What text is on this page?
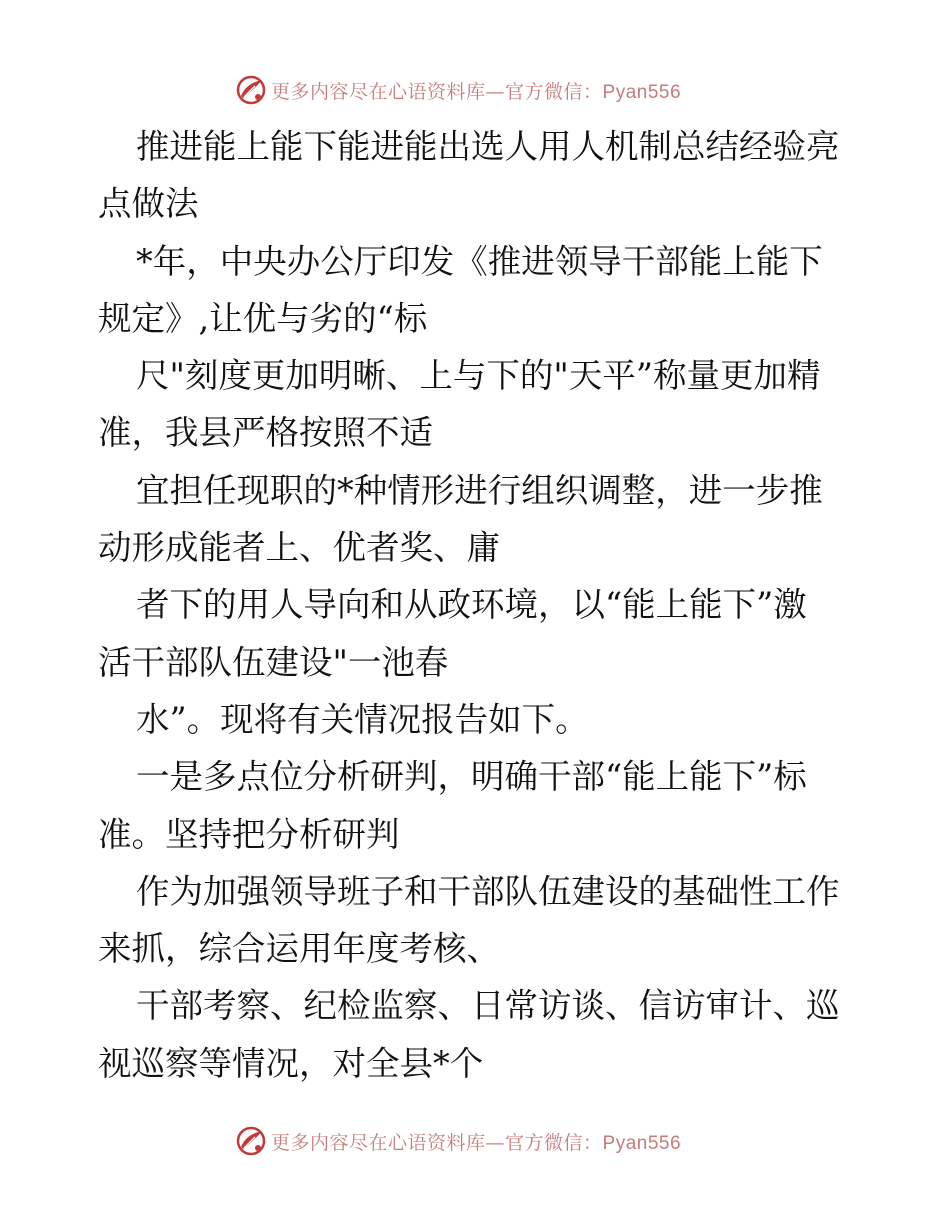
更多内容尽在心语资料库—官方微信：Pyan556
推进能上能下能进能出选人用人机制总结经验亮
点做法
*年，中央办公厅印发《推进领导干部能上能下
规定》,让优与劣的“标
尺"刻度更加明晰、上与下的"天平”称量更加精
准，我县严格按照不适
宜担任现职的*种情形进行组织调整，进一步推
动形成能者上、优者奖、庸
者下的用人导向和从政环境，以“能上能下”激
活干部队伍建设"一池春
水”。现将有关情况报告如下。
一是多点位分析研判，明确干部“能上能下”标
准。坚持把分析研判
作为加强领导班子和干部队伍建设的基础性工作
来抓，综合运用年度考核、
干部考察、纪检监察、日常访谈、信访审计、巡
视巡察等情况，对全县*个
更多内容尽在心语资料库—官方微信：Pyan556
